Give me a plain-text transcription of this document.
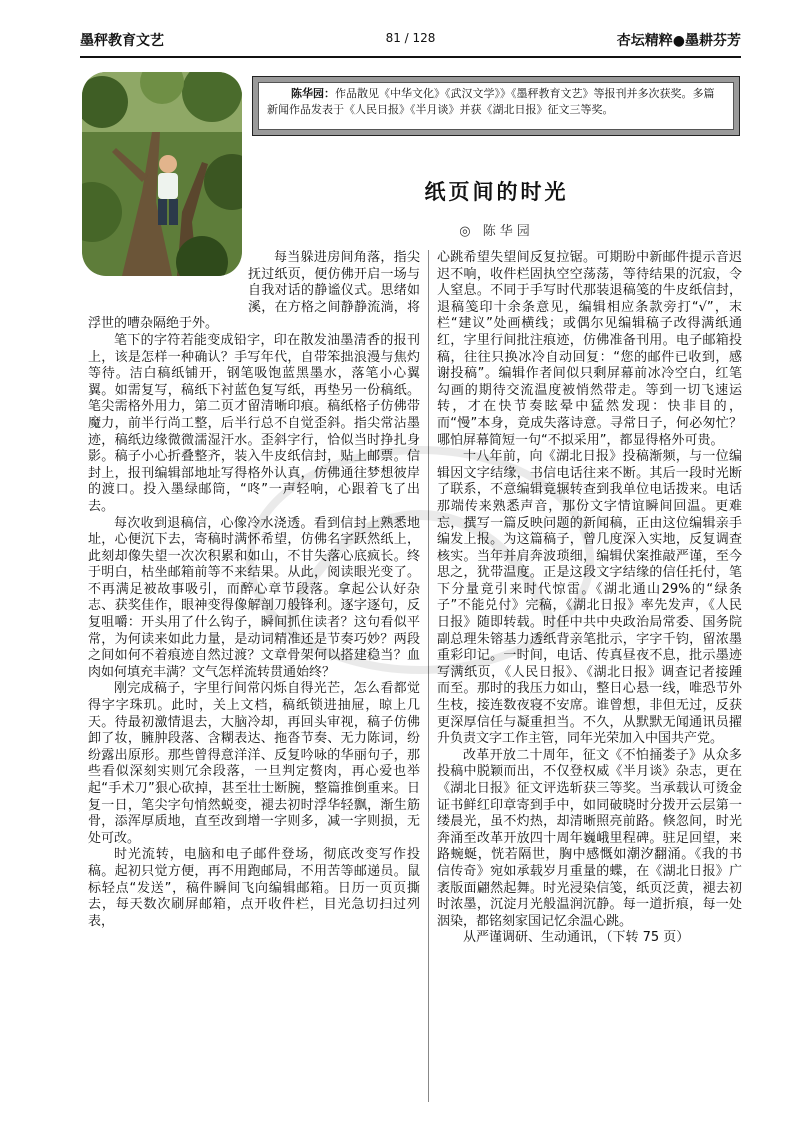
墨秤教育文艺	81 / 128	杏坛精粹●墨耕芬芳
陈华园：作品散见《中华文化》《武汉文学》》《墨秤教育文艺》等报刊并多次获奖。多篇新闻作品发表于《人民日报》《半月谈》并获《湖北日报》征文三等奖。
纸页间的时光
◎ 陈华园

每当躲进房间角落，指尖抚过纸页，便仿佛开启一场与自我对话的静谧仪式。思绪如溪，在方格之间静静流淌，将浮世的嘈杂隔绝于外。

笔下的字符若能变成铅字，印在散发油墨清香的报刊上，该是怎样一种确认？手写年代，自带笨拙浪漫与焦灼等待。洁白稿纸铺开，钢笔吸饱蓝黑墨水，落笔小心翼翼。如需复写，稿纸下衬蓝色复写纸，再垫另一份稿纸。笔尖需格外用力，第二页才留清晰印痕。稿纸格子仿佛带魔力，前半行尚工整，后半行总不自觉歪斜。指尖常沾墨迹，稿纸边缘微微濡湿汗水。歪斜字行，恰似当时挣扎身影。稿子小心折叠整齐，装入牛皮纸信封，贴上邮票。信封上，报刊编辑部地址写得格外认真，仿佛通往梦想彼岸的渡口。投入墨绿邮筒，“咚”一声轻响，心跟着飞了出去。

每次收到退稿信，心像冷水浇透。看到信封上熟悉地址，心便沉下去，寄稿时满怀希望，仿佛名字跃然纸上，此刻却像失望一次次积累和如山，不甘失落心底疯长。终于明白，枯坐邮箱前等不来结果。从此，阅读眼光变了。不再满足被故事吸引，而醉心章节段落。拿起公认好杂志、获奖佳作，眼神变得像解剖刀般锋利。逐字逐句，反复咀嚼：开头用了什么钩子，瞬间抓住读者？这句看似平常，为何读来如此力量，是动词精准还是节奏巧妙？两段之间如何不着痕迹自然过渡？文章骨架何以搭建稳当？血肉如何填充丰满？文气怎样流转贯通始终？

刚完成稿子，字里行间常闪烁自得光芒，怎么看都觉得字字珠玑。此时，关上文档，稿纸锁进抽屉，晾上几天。待最初激情退去，大脑冷却，再回头审视，稿子仿佛卸了妆，臃肿段落、含糊表达、拖沓节奏、无力陈词，纷纷露出原形。那些曾得意洋洋、反复吟咏的华丽句子，那些看似深刻实则冗余段落，一旦判定赘肉，再心爱也举起“手术刀”狠心砍掉，甚至壮士断腕，整篇推倒重来。日复一日，笔尖字句悄然蜕变，褪去初时浮华轻飘，渐生筋骨，添浑厚质地，直至改到增一字则多，减一字则损，无处可改。

时光流转，电脑和电子邮件登场，彻底改变写作投稿。起初只觉方便，再不用跑邮局，不用苦等邮递员。鼠标轻点“发送”，稿件瞬间飞向编辑邮箱。日历一页页撕去，每天数次刷屏邮箱，点开收件栏，目光急切扫过列表，

心跳希望失望间反复拉锯。可期盼中新邮件提示音迟迟不响，收件栏固执空空荡荡，等待结果的沉寂，令人窒息。不同于手写时代那装退稿笺的牛皮纸信封，退稿笺印十余条意见，编辑相应条款旁打“√”，末栏“建议”处画横线；或偶尔见编辑稿子改得满纸通红，字里行间批注痕迹，仿佛准备刊用。电子邮箱投稿，往往只换冰冷自动回复：“您的邮件已收到，感谢投稿”。编辑作者间似只剩屏幕前冰冷空白，红笔勾画的期待交流温度被悄然带走。等到一切飞速运转，才在快节奏眩晕中猛然发现：快非目的，而“慢”本身，竟成失落诗意。寻常日子，何必匆忙？哪怕屏幕简短一句“不拟采用”，都显得格外可贵。

十八年前，向《湖北日报》投稿渐频，与一位编辑因文字结缘，书信电话往来不断。其后一段时光断了联系，不意编辑竟辗转查到我单位电话拨来。电话那端传来熟悉声音，那份文字情谊瞬间回温。更难忘，撰写一篇反映问题的新闻稿，正由这位编辑亲手编发上报。为这篇稿子，曾几度深入实地，反复调查核实。当年并肩奔波琐细，编辑伏案推敲严谨，至今思之，犹带温度。正是这段文字结缘的信任托付，笔下分量竟引来时代惊雷。《湖北通山29%的“绿条子”不能兑付》完稿，《湖北日报》率先发声，《人民日报》随即转载。时任中共中央政治局常委、国务院副总理朱镕基力透纸背亲笔批示，字字千钧，留浓墨重彩印记。一时间，电话、传真昼夜不息，批示墨迹写满纸页，《人民日报》、《湖北日报》调查记者接踵而至。那时的我压力如山，整日心悬一线，唯恐节外生枝，接连数夜寝不安席。谁曾想，非但无过，反获更深厚信任与凝重担当。不久，从默默无闻通讯员擢升负责文字工作主管，同年光荣加入中国共产党。

改革开放二十周年，征文《不怕捅娄子》从众多投稿中脱颖而出，不仅登权威《半月谈》杂志，更在《湖北日报》征文评选斩获三等奖。当承载认可烫金证书鲜红印章寄到手中，如同破晓时分拨开云层第一缕晨光，虽不灼热，却清晰照亮前路。倏忽间，时光奔涌至改革开放四十周年巍峨里程碑。驻足回望，来路蜿蜒，恍若隔世，胸中感慨如潮汐翻涌。《我的书信传奇》宛如承载岁月重量的蝶，在《湖北日报》广袤版面翩然起舞。时光浸染信笺，纸页泛黄，褪去初时浓墨，沉淀月光般温润沉静。每一道折痕，每一处洇染，都铭刻家国记忆余温心跳。

从严谨调研、生动通讯，（下转 75 页）
